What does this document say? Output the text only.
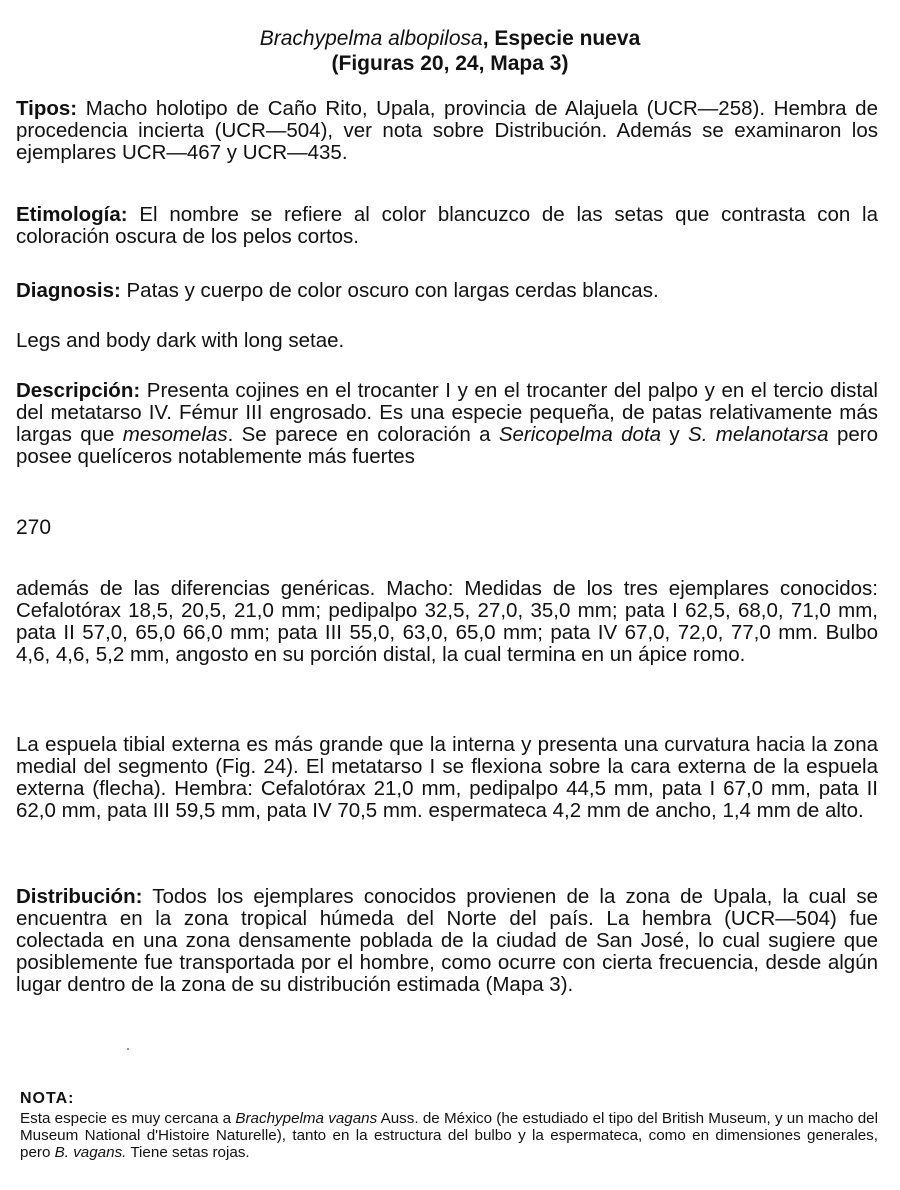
Brachypelma albopilosa, Especie nueva
(Figuras 20, 24, Mapa 3)

Tipos: Macho holotipo de Caño Rito, Upala, provincia de Alajuela (UCR—258). Hembra de procedencia incierta (UCR—504), ver nota sobre Distribución. Además se examinaron los ejemplares UCR—467 y UCR—435.

Etimología: El nombre se refiere al color blancuzco de las setas que contrasta con la coloración oscura de los pelos cortos.

Diagnosis: Patas y cuerpo de color oscuro con largas cerdas blancas.

Legs and body dark with long setae.

Descripción: Presenta cojines en el trocanter I y en el trocanter del palpo y en el tercio distal del metatarso IV. Fémur III engrosado. Es una especie pequeña, de patas relativamente más largas que mesomelas. Se parece en coloración a Sericopelma dota y S. melanotarsa pero posee quelíceros notablemente más fuertes

270

además de las diferencias genéricas. Macho: Medidas de los tres ejemplares conocidos: Cefalotórax 18,5, 20,5, 21,0 mm; pedipalpo 32,5, 27,0, 35,0 mm; pata I 62,5, 68,0, 71,0 mm, pata II 57,0, 65,0 66,0 mm; pata III 55,0, 63,0, 65,0 mm; pata IV 67,0, 72,0, 77,0 mm. Bulbo 4,6, 4,6, 5,2 mm, angosto en su porción distal, la cual termina en un ápice romo.

La espuela tibial externa es más grande que la interna y presenta una curvatura hacia la zona medial del segmento (Fig. 24). El metatarso I se flexiona sobre la cara externa de la espuela externa (flecha). Hembra: Cefalotórax 21,0 mm, pedipalpo 44,5 mm, pata I 67,0 mm, pata II 62,0 mm, pata III 59,5 mm, pata IV 70,5 mm. espermateca 4,2 mm de ancho, 1,4 mm de alto.

Distribución: Todos los ejemplares conocidos provienen de la zona de Upala, la cual se encuentra en la zona tropical húmeda del Norte del país. La hembra (UCR—504) fue colectada en una zona densamente poblada de la ciudad de San José, lo cual sugiere que posiblemente fue transportada por el hombre, como ocurre con cierta frecuencia, desde algún lugar dentro de la zona de su distribución estimada (Mapa 3).

NOTA:

Esta especie es muy cercana a Brachypelma vagans Auss. de México (he estudiado el tipo del British Museum, y un macho del Museum National d'Histoire Naturelle), tanto en la estructura del bulbo y la espermateca, como en dimensiones generales, pero B. vagans. Tiene setas rojas.
